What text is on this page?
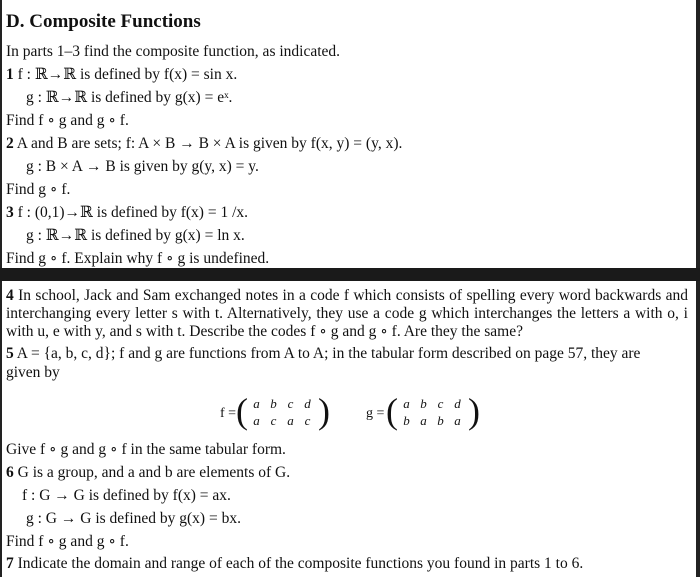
D. Composite Functions
In parts 1–3 find the composite function, as indicated.
1 f : ℝ→ℝ is defined by f(x) = sin x.
g : ℝ→ℝ is defined by g(x) = eˣ.
Find f ∘ g and g ∘ f.
2 A and B are sets; f: A × B → B × A is given by f(x, y) = (y, x).
g : B × A → B is given by g(y, x) = y.
Find g ∘ f.
3 f : (0,1)→ℝ is defined by f(x) = 1 /x.
g : ℝ→ℝ is defined by g(x) = ln x.
Find g ∘ f. Explain why f ∘ g is undefined.
4 In school, Jack and Sam exchanged notes in a code f which consists of spelling every word backwards and interchanging every letter s with t. Alternatively, they use a code g which interchanges the letters a with o, i with u, e with y, and s with t. Describe the codes f ∘ g and g ∘ f. Are they the same?
5 A = {a, b, c, d}; f and g are functions from A to A; in the tabular form described on page 57, they are
given by
f = ( a b c d
a c a c )	g = ( a b c d
b a b a )
Give f ∘ g and g ∘ f in the same tabular form.
6 G is a group, and a and b are elements of G.
f : G → G is defined by f(x) = ax.
g : G → G is defined by g(x) = bx.
Find f ∘ g and g ∘ f.
7 Indicate the domain and range of each of the composite functions you found in parts 1 to 6.
